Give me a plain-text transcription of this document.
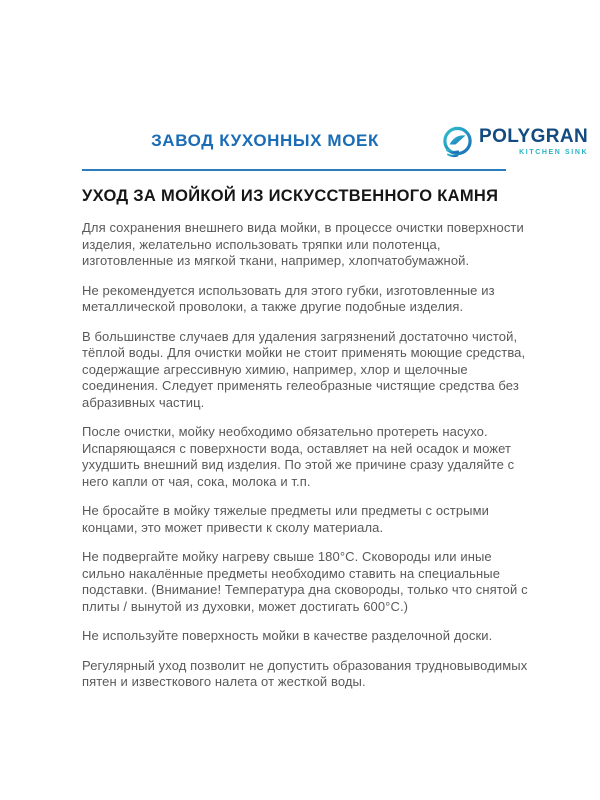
ЗАВОД КУХОННЫХ МОЕК	POLYGRAN
KITCHEN SINK
УХОД ЗА МОЙКОЙ ИЗ ИСКУССТВЕННОГО КАМНЯ

Для сохранения внешнего вида мойки, в процессе очистки поверхности изделия, желательно использовать тряпки или полотенца, изготовленные из мягкой ткани, например, хлопчатобумажной.

Не рекомендуется использовать для этого губки, изготовленные из металлической проволоки, а также другие подобные изделия.

В большинстве случаев для удаления загрязнений достаточно чистой, тёплой воды. Для очистки мойки не стоит применять моющие средства, содержащие агрессивную химию, например, хлор и щелочные соединения. Следует применять гелеобразные чистящие средства без абразивных частиц.

После очистки, мойку необходимо обязательно протереть насухо. Испаряющаяся с поверхности вода, оставляет на ней осадок и может ухудшить внешний вид изделия. По этой же причине сразу удаляйте с него капли от чая, сока, молока и т.п.

Не бросайте в мойку тяжелые предметы или предметы с острыми концами, это может привести к сколу материала.

Не подвергайте мойку нагреву свыше 180°С. Сковороды или иные сильно накалённые предметы необходимо ставить на специальные подставки. (Внимание! Температура дна сковороды, только что снятой с плиты / вынутой из духовки, может достигать 600°С.)

Не используйте поверхность мойки в качестве разделочной доски.

Регулярный уход позволит не допустить образования трудновыводимых пятен и известкового налета от жесткой воды.
